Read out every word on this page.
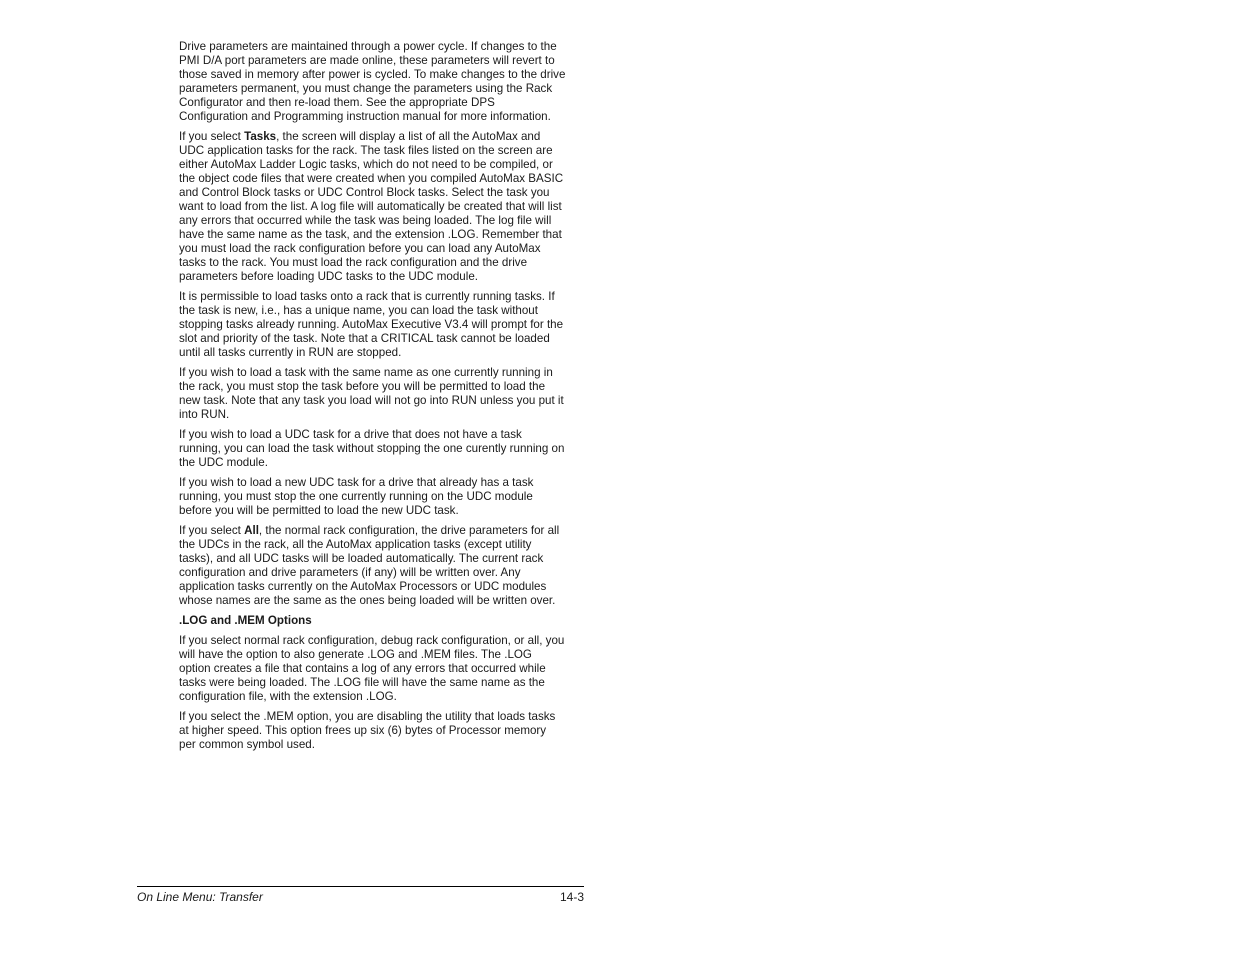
Drive parameters are maintained through a power cycle. If changes to the PMI D/A port parameters are made online, these parameters will revert to those saved in memory after power is cycled. To make changes to the drive parameters permanent, you must change the parameters using the Rack Configurator and then re-load them. See the appropriate DPS Configuration and Programming instruction manual for more information.

If you select Tasks, the screen will display a list of all the AutoMax and UDC application tasks for the rack. The task files listed on the screen are either AutoMax Ladder Logic tasks, which do not need to be compiled, or the object code files that were created when you compiled AutoMax BASIC and Control Block tasks or UDC Control Block tasks. Select the task you want to load from the list. A log file will automatically be created that will list any errors that occurred while the task was being loaded. The log file will have the same name as the task, and the extension .LOG. Remember that you must load the rack configuration before you can load any AutoMax tasks to the rack. You must load the rack configuration and the drive parameters before loading UDC tasks to the UDC module.

It is permissible to load tasks onto a rack that is currently running tasks. If the task is new, i.e., has a unique name, you can load the task without stopping tasks already running. AutoMax Executive V3.4 will prompt for the slot and priority of the task. Note that a CRITICAL task cannot be loaded until all tasks currently in RUN are stopped.

If you wish to load a task with the same name as one currently running in the rack, you must stop the task before you will be permitted to load the new task. Note that any task you load will not go into RUN unless you put it into RUN.

If you wish to load a UDC task for a drive that does not have a task running, you can load the task without stopping the one curently running on the UDC module.

If you wish to load a new UDC task for a drive that already has a task running, you must stop the one currently running on the UDC module before you will be permitted to load the new UDC task.

If you select All, the normal rack configuration, the drive parameters for all the UDCs in the rack, all the AutoMax application tasks (except utility tasks), and all UDC tasks will be loaded automatically. The current rack configuration and drive parameters (if any) will be written over. Any application tasks currently on the AutoMax Processors or UDC modules whose names are the same as the ones being loaded will be written over.

.LOG and .MEM Options

If you select normal rack configuration, debug rack configuration, or all, you will have the option to also generate .LOG and .MEM files. The .LOG option creates a file that contains a log of any errors that occurred while tasks were being loaded. The .LOG file will have the same name as the configuration file, with the extension .LOG.

If you select the .MEM option, you are disabling the utility that loads tasks at higher speed. This option frees up six (6) bytes of Processor memory per common symbol used.

On Line Menu: Transfer	14-3
